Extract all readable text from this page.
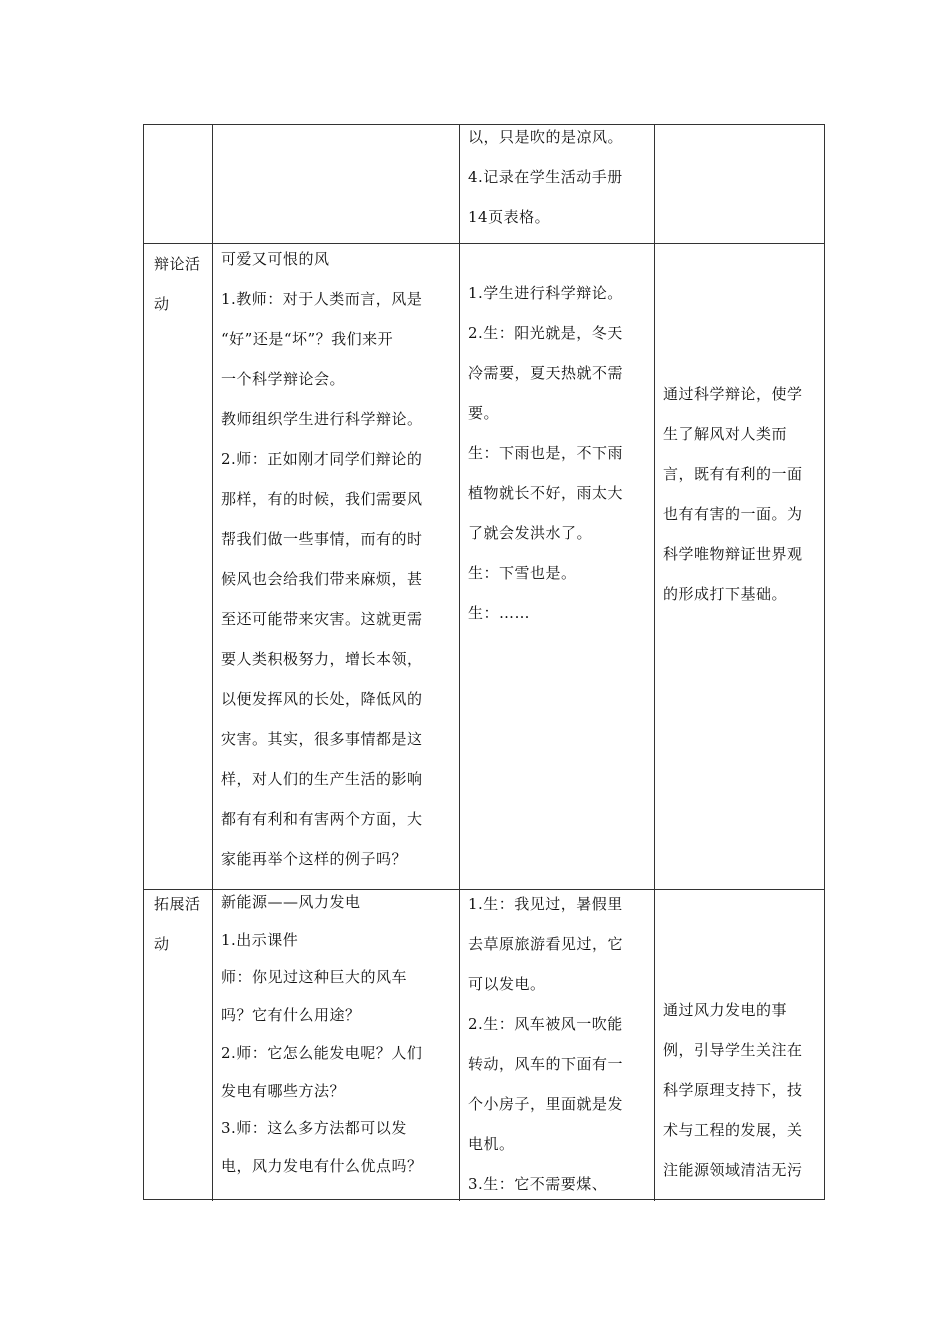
以，只是吹的是凉风。
4.记录在学生活动手册
14页表格。
辩论活
动
可爱又可恨的风
1.教师：对于人类而言，风是
“好”还是“坏”？我们来开
一个科学辩论会。
教师组织学生进行科学辩论。
2.师：正如刚才同学们辩论的
那样，有的时候，我们需要风
帮我们做一些事情，而有的时
候风也会给我们带来麻烦，甚
至还可能带来灾害。这就更需
要人类积极努力，增长本领，
以便发挥风的长处，降低风的
灾害。其实，很多事情都是这
样，对人们的生产生活的影响
都有有利和有害两个方面，大
家能再举个这样的例子吗？
1.学生进行科学辩论。
2.生：阳光就是，冬天
冷需要，夏天热就不需
要。
生：下雨也是，不下雨
植物就长不好，雨太大
了就会发洪水了。
生：下雪也是。
生：……
通过科学辩论，使学
生了解风对人类而
言，既有有利的一面
也有有害的一面。为
科学唯物辩证世界观
的形成打下基础。
拓展活
动
新能源——风力发电
1.出示课件
师：你见过这种巨大的风车
吗？它有什么用途？
2.师：它怎么能发电呢？人们
发电有哪些方法？
3.师：这么多方法都可以发
电，风力发电有什么优点吗？
1.生：我见过，暑假里
去草原旅游看见过，它
可以发电。
2.生：风车被风一吹能
转动，风车的下面有一
个小房子，里面就是发
电机。
3.生：它不需要煤、
通过风力发电的事
例，引导学生关注在
科学原理支持下，技
术与工程的发展，关
注能源领域清洁无污
